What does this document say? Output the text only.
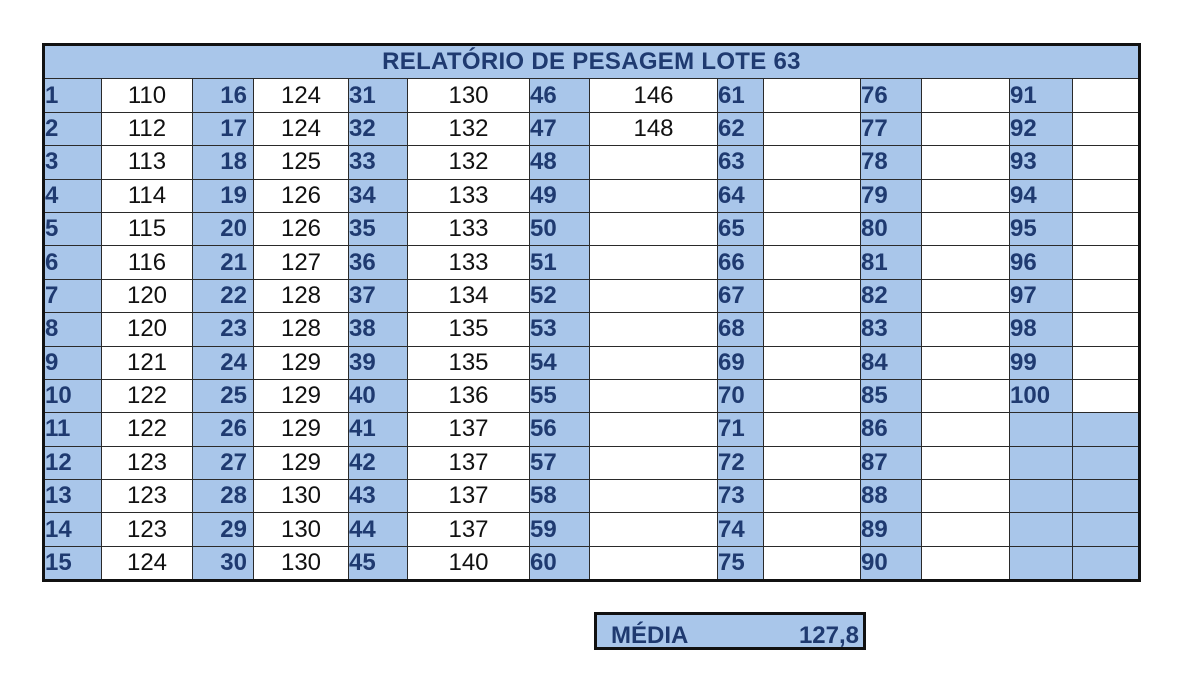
RELATÓRIO DE PESAGEM LOTE 63													
1	110	16	124	31	130	46	146	61		76		91	
2	112	17	124	32	132	47	148	62		77		92	
3	113	18	125	33	132	48		63		78		93	
4	114	19	126	34	133	49		64		79		94	
5	115	20	126	35	133	50		65		80		95	
6	116	21	127	36	133	51		66		81		96	
7	120	22	128	37	134	52		67		82		97	
8	120	23	128	38	135	53		68		83		98	
9	121	24	129	39	135	54		69		84		99	
10	122	25	129	40	136	55		70		85		100	
11	122	26	129	41	137	56		71		86			
12	123	27	129	42	137	57		72		87			
13	123	28	130	43	137	58		73		88			
14	123	29	130	44	137	59		74		89			
15	124	30	130	45	140	60		75		90			
MÉDIA	127,8
